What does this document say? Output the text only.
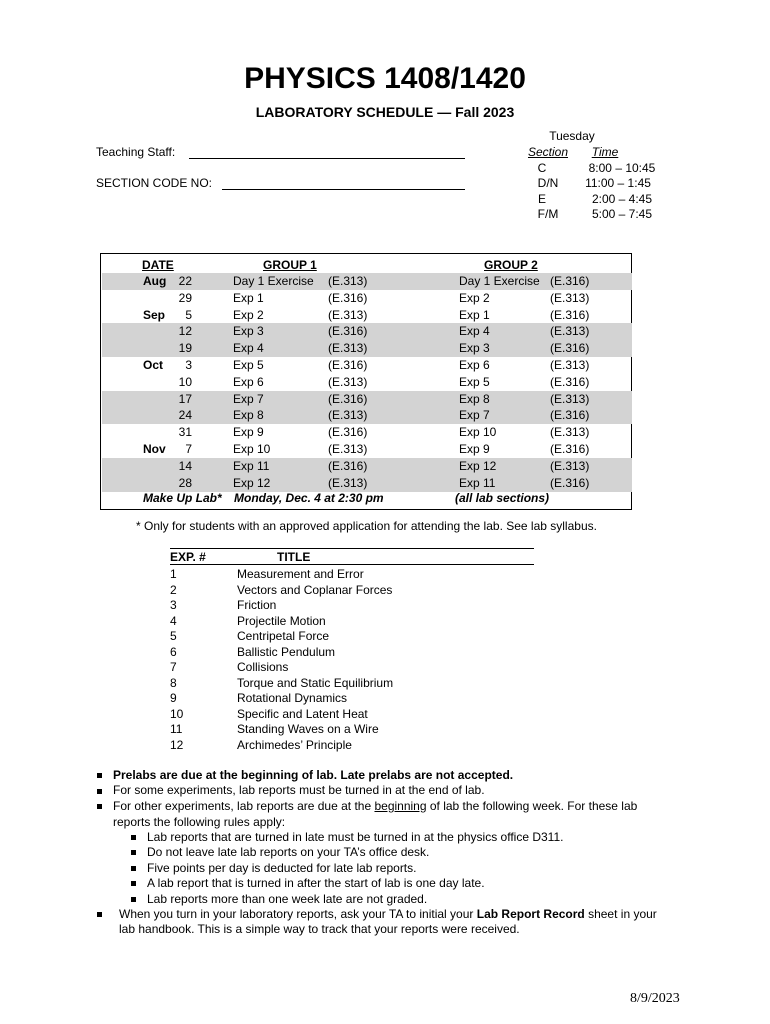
PHYSICS 1408/1420
LABORATORY SCHEDULE — Fall 2023
Teaching Staff:
SECTION CODE NO:
Tuesday
Section	Time
C	8:00 – 10:45
D/N	11:00 – 1:45
E	2:00 – 4:45
F/M	5:00 – 7:45
DATE	GROUP 1	GROUP 2
Aug	22	Day 1 Exercise (E.313)	Day 1 Exercise (E.316)
29	Exp 1	(E.316)	Exp 2	(E.313)
Sep	5	Exp 2	(E.313)	Exp 1	(E.316)
12	Exp 3	(E.316)	Exp 4	(E.313)
19	Exp 4	(E.313)	Exp 3	(E.316)
Oct	3	Exp 5	(E.316)	Exp 6	(E.313)
10	Exp 6	(E.313)	Exp 5	(E.316)
17	Exp 7	(E.316)	Exp 8	(E.313)
24	Exp 8	(E.313)	Exp 7	(E.316)
31	Exp 9	(E.316)	Exp 10	(E.313)
Nov	7	Exp 10	(E.313)	Exp 9	(E.316)
14	Exp 11	(E.316)	Exp 12	(E.313)
28	Exp 12	(E.313)	Exp 11	(E.316)
Make Up Lab* Monday, Dec. 4 at 2:30 pm	(all lab sections)
* Only for students with an approved application for attending the lab. See lab syllabus.
EXP. #	TITLE
1	Measurement and Error
2	Vectors and Coplanar Forces
3	Friction
4	Projectile Motion
5	Centripetal Force
6	Ballistic Pendulum
7	Collisions
8	Torque and Static Equilibrium
9	Rotational Dynamics
10	Specific and Latent Heat
11	Standing Waves on a Wire
12	Archimedes’ Principle
Prelabs are due at the beginning of lab. Late prelabs are not accepted.
For some experiments, lab reports must be turned in at the end of lab.
For other experiments, lab reports are due at the beginning of lab the following week. For these lab
reports the following rules apply:
Lab reports that are turned in late must be turned in at the physics office D311.
Do not leave late lab reports on your TA’s office desk.
Five points per day is deducted for late lab reports.
A lab report that is turned in after the start of lab is one day late.
Lab reports more than one week late are not graded.
When you turn in your laboratory reports, ask your TA to initial your Lab Report Record sheet in your
lab handbook. This is a simple way to track that your reports were received.
8/9/2023
